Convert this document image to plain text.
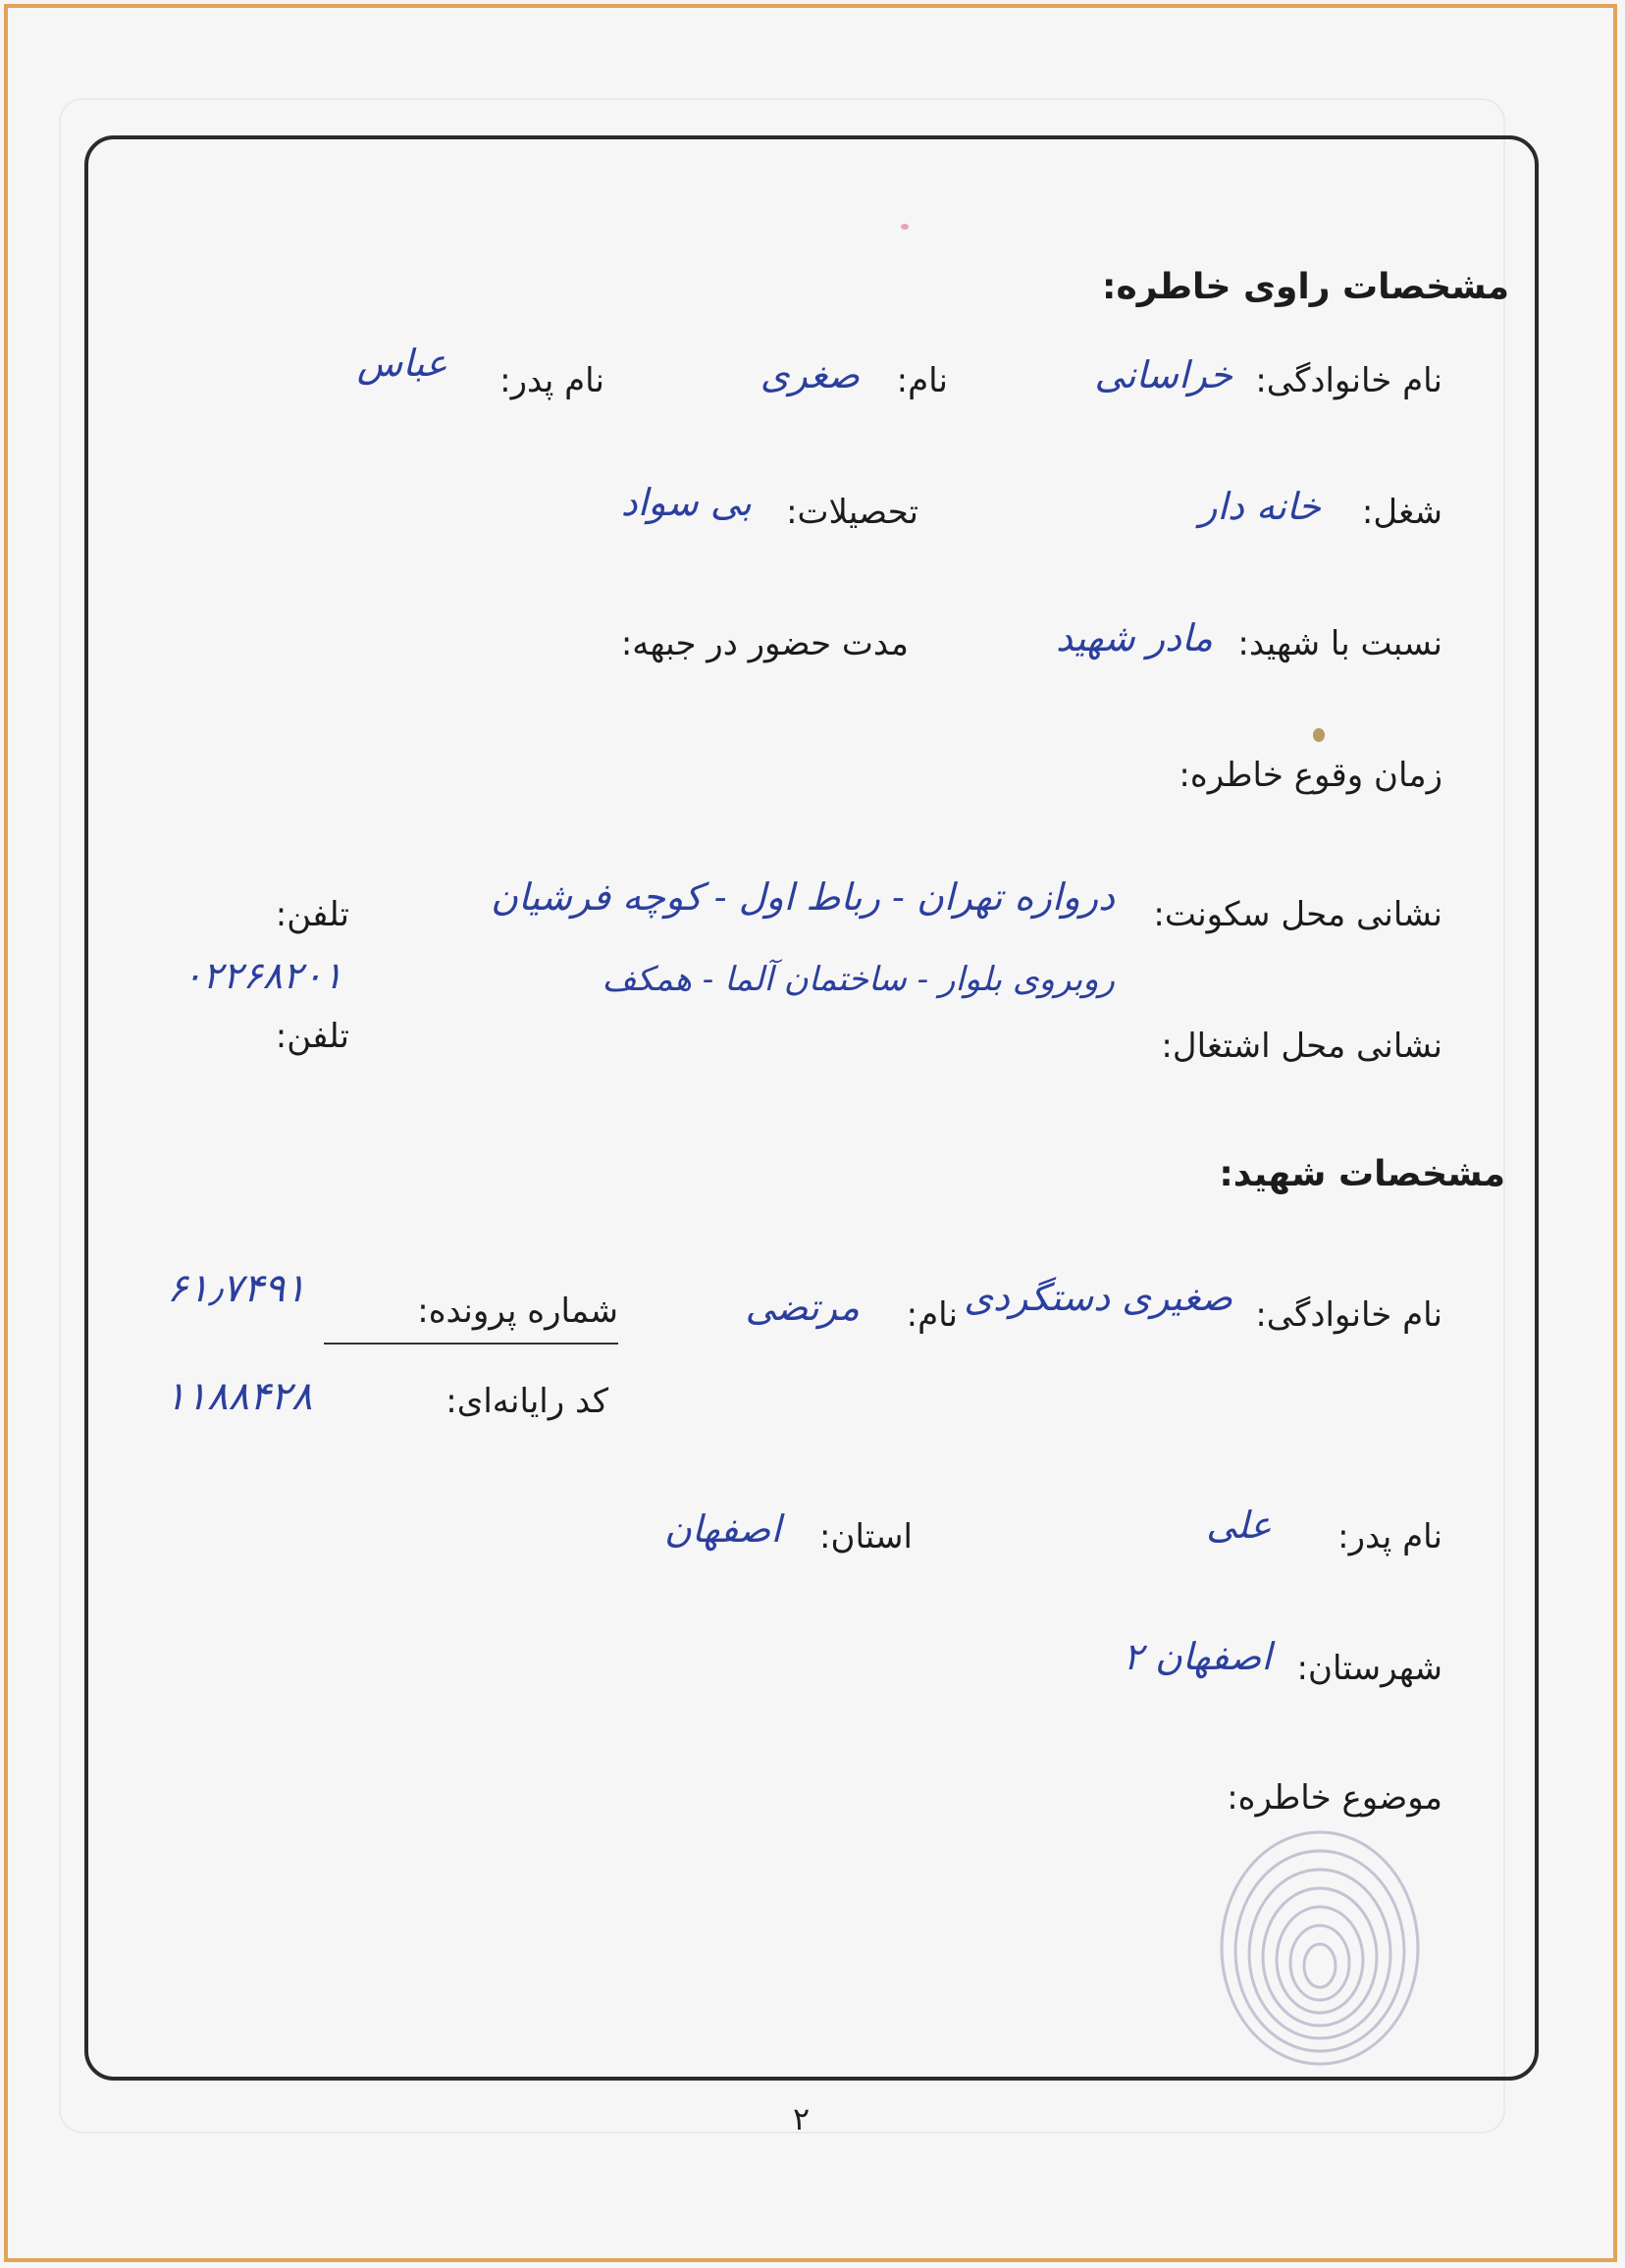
مشخصات راوی خاطره:
نام خانوادگی:
خراسانی
نام:
صغری
نام پدر:
عباس
شغل:
خانه دار
تحصیلات:
بی سواد
نسبت با شهید:
مادر شهید
مدت حضور در جبهه:
زمان وقوع خاطره:
نشانی محل سکونت:
دروازه تهران - رباط اول - کوچه فرشیان
روبروی بلوار - ساختمان آلما - همکف
تلفن:
۰۲۲۶۸۲۰۱
نشانی محل اشتغال:
تلفن:
مشخصات شهید:
نام خانوادگی:
صغیری دستگردی
نام:
مرتضی
شماره پرونده:
۶۱٫۷۴۹۱
کد رایانه‌ای:
۱۱۸۸۴۲۸
نام پدر:
علی
استان:
اصفهان
شهرستان:
اصفهان ۲
موضوع خاطره:
۲
